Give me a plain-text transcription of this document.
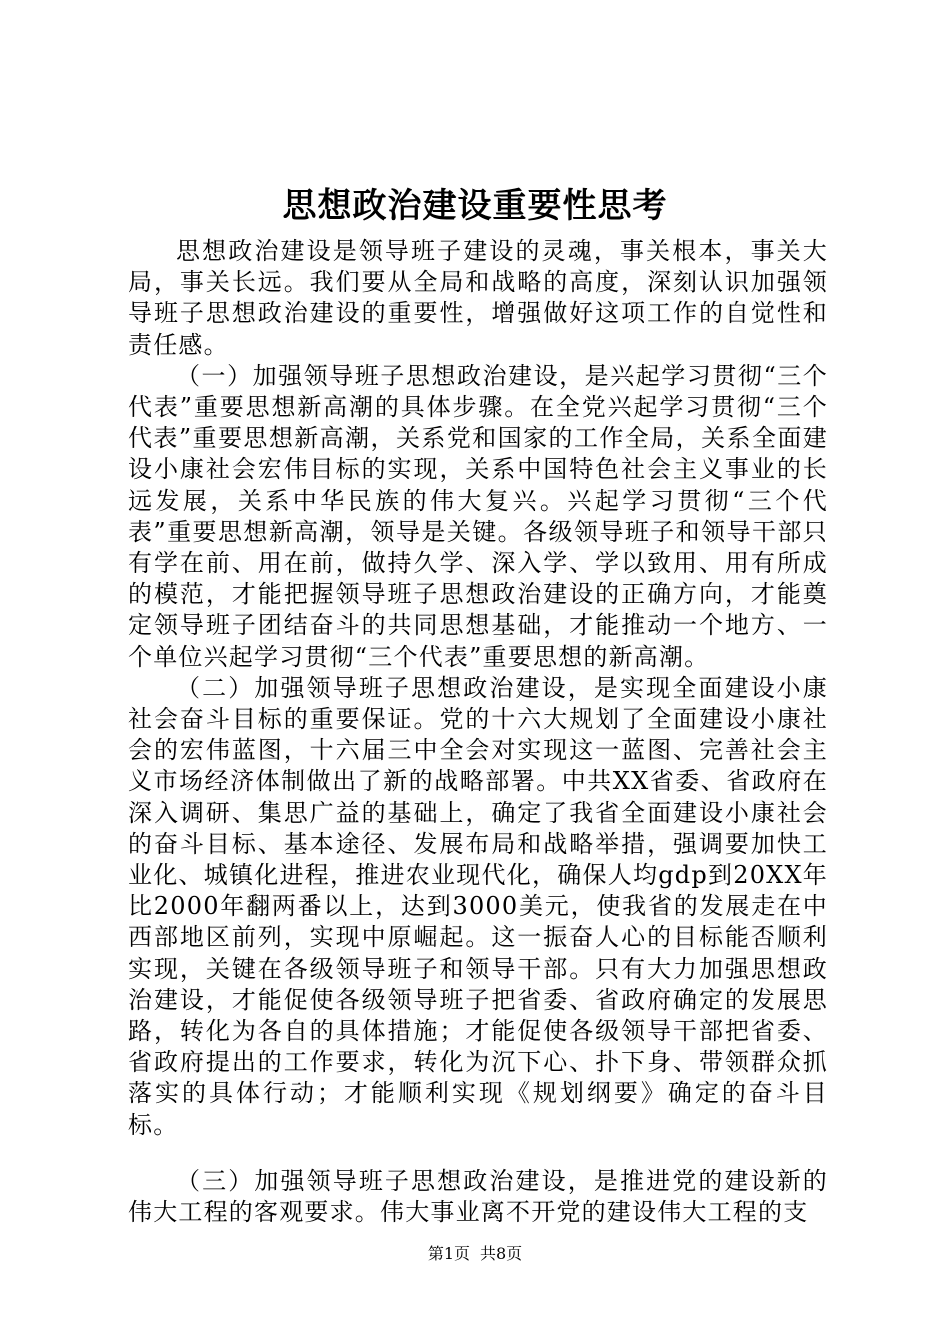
思想政治建设重要性思考

思想政治建设是领导班子建设的灵魂，事关根本，事关大局，事关长远。我们要从全局和战略的高度，深刻认识加强领导班子思想政治建设的重要性，增强做好这项工作的自觉性和责任感。

（一）加强领导班子思想政治建设，是兴起学习贯彻“三个代表”重要思想新高潮的具体步骤。在全党兴起学习贯彻“三个代表”重要思想新高潮，关系党和国家的工作全局，关系全面建设小康社会宏伟目标的实现，关系中国特色社会主义事业的长远发展，关系中华民族的伟大复兴。兴起学习贯彻“三个代表”重要思想新高潮，领导是关键。各级领导班子和领导干部只有学在前、用在前，做持久学、深入学、学以致用、用有所成的模范，才能把握领导班子思想政治建设的正确方向，才能奠定领导班子团结奋斗的共同思想基础，才能推动一个地方、一个单位兴起学习贯彻“三个代表”重要思想的新高潮。

（二）加强领导班子思想政治建设，是实现全面建设小康社会奋斗目标的重要保证。党的十六大规划了全面建设小康社会的宏伟蓝图，十六届三中全会对实现这一蓝图、完善社会主义市场经济体制做出了新的战略部署。中共XX省委、省政府在深入调研、集思广益的基础上，确定了我省全面建设小康社会的奋斗目标、基本途径、发展布局和战略举措，强调要加快工业化、城镇化进程，推进农业现代化，确保人均gdp到20XX年比2000年翻两番以上，达到3000美元，使我省的发展走在中西部地区前列，实现中原崛起。这一振奋人心的目标能否顺利实现，关键在各级领导班子和领导干部。只有大力加强思想政治建设，才能促使各级领导班子把省委、省政府确定的发展思路，转化为各自的具体措施；才能促使各级领导干部把省委、省政府提出的工作要求，转化为沉下心、扑下身、带领群众抓落实的具体行动；才能顺利实现《规划纲要》确定的奋斗目标。

（三）加强领导班子思想政治建设，是推进党的建设新的伟大工程的客观要求。伟大事业离不开党的建设伟大工程的支

第1页 共8页
